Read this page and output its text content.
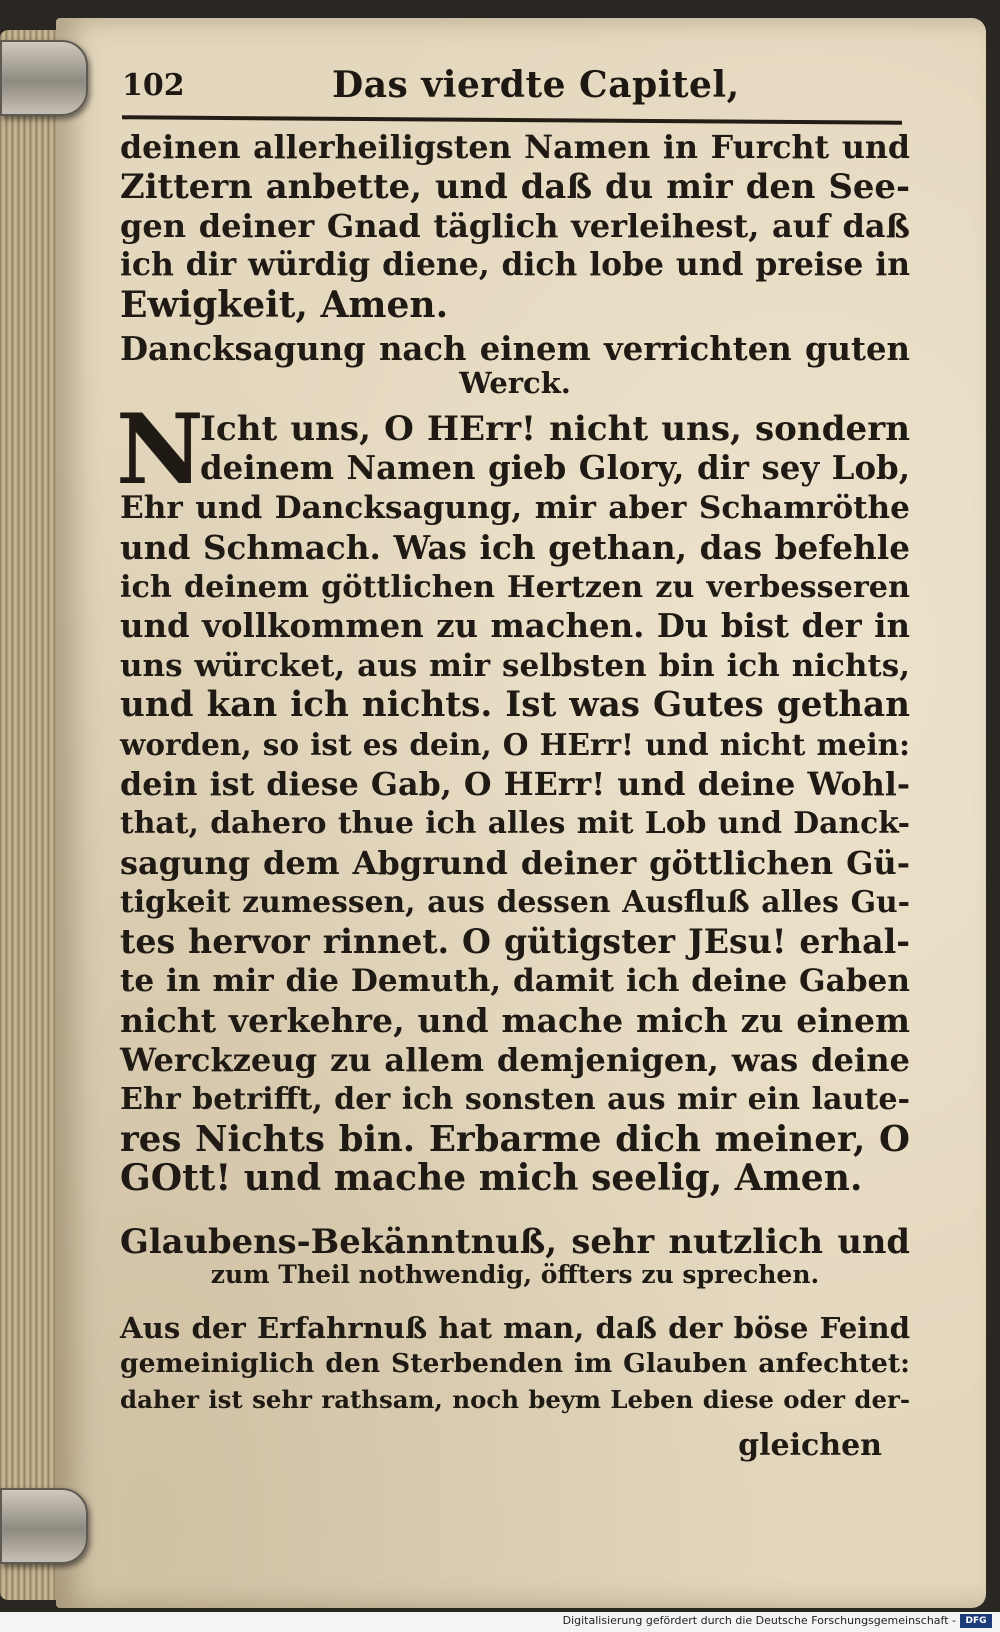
102	Das vierdte Capitel,
deinen allerheiligsten Namen in Furcht und
Zittern anbette, und daß du mir den See-
gen deiner Gnad täglich verleihest, auf daß
ich dir würdig diene, dich lobe und preise in
Ewigkeit, Amen.
Dancksagung nach einem verrichten guten
Werck.
N
Icht uns, O HErr! nicht uns, sondern
deinem Namen gieb Glory, dir sey Lob,
Ehr und Dancksagung, mir aber Schamröthe
und Schmach. Was ich gethan, das befehle
ich deinem göttlichen Hertzen zu verbesseren
und vollkommen zu machen. Du bist der in
uns würcket, aus mir selbsten bin ich nichts,
und kan ich nichts. Ist was Gutes gethan
worden, so ist es dein, O HErr! und nicht mein:
dein ist diese Gab, O HErr! und deine Wohl-
that, dahero thue ich alles mit Lob und Danck-
sagung dem Abgrund deiner göttlichen Gü-
tigkeit zumessen, aus dessen Ausfluß alles Gu-
tes hervor rinnet. O gütigster JEsu! erhal-
te in mir die Demuth, damit ich deine Gaben
nicht verkehre, und mache mich zu einem
Werckzeug zu allem demjenigen, was deine
Ehr betrifft, der ich sonsten aus mir ein laute-
res Nichts bin. Erbarme dich meiner, O
GOtt! und mache mich seelig, Amen.
Glaubens-Bekänntnuß, sehr nutzlich und
zum Theil nothwendig, öffters zu sprechen.
Aus der Erfahrnuß hat man, daß der böse Feind
gemeiniglich den Sterbenden im Glauben anfechtet:
daher ist sehr rathsam, noch beym Leben diese oder der-
gleichen
Digitalisierung gefördert durch die Deutsche Forschungsgemeinschaft -	DFG
